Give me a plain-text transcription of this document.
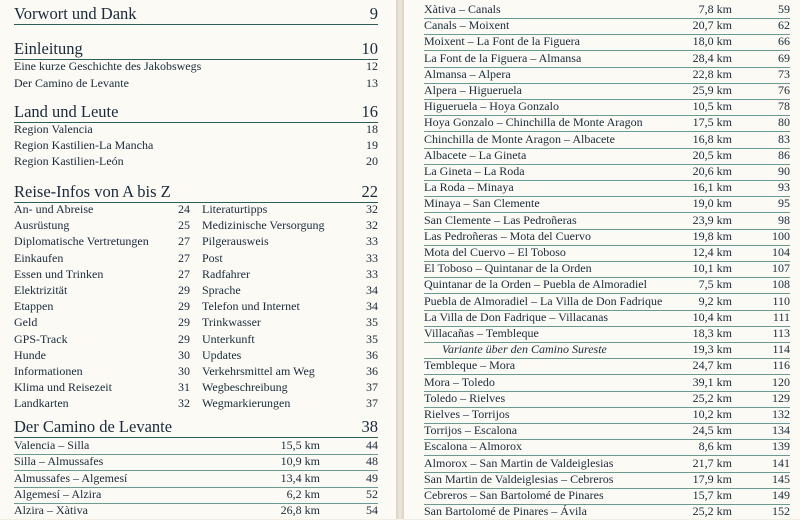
Vorwort und Dank	9
Einleitung	10
Land und Leute	16
Reise-Infos von A bis Z	22
Der Camino de Levante	38
Eine kurze Geschichte des Jakobswegs	12
Der Camino de Levante	13
Region Valencia	18
Region Kastilien-La Mancha	19
Region Kastilien-León	20
An- und Abreise	24
Ausrüstung	25
Diplomatische Vertretungen	27
Einkaufen	27
Essen und Trinken	27
Elektrizität	29
Etappen	29
Geld	29
GPS-Track	29
Hunde	30
Informationen	30
Klima und Reisezeit	31
Landkarten	32
Literaturtipps	32
Medizinische Versorgung	32
Pilgerausweis	33
Post	33
Radfahrer	33
Sprache	34
Telefon und Internet	34
Trinkwasser	35
Unterkunft	35
Updates	36
Verkehrsmittel am Weg	36
Wegbeschreibung	37
Wegmarkierungen	37
Valencia – Silla	15,5 km	44
Silla – Almussafes	10,9 km	48
Almussafes – Algemesí	13,4 km	49
Algemesí – Alzira	6,2 km	52
Alzira – Xàtiva	26,8 km	54
Xàtiva – Canals	7,8 km	59
Canals – Moixent	20,7 km	62
Moixent – La Font de la Figuera	18,0 km	66
La Font de la Figuera – Almansa	28,4 km	69
Almansa – Alpera	22,8 km	73
Alpera – Higueruela	25,9 km	76
Higueruela – Hoya Gonzalo	10,5 km	78
Hoya Gonzalo – Chinchilla de Monte Aragon	17,5 km	80
Chinchilla de Monte Aragon – Albacete	16,8 km	83
Albacete – La Gineta	20,5 km	86
La Gineta – La Roda	20,6 km	90
La Roda – Minaya	16,1 km	93
Minaya – San Clemente	19,0 km	95
San Clemente – Las Pedroñeras	23,9 km	98
Las Pedroñeras – Mota del Cuervo	19,8 km	100
Mota del Cuervo – El Toboso	12,4 km	104
El Toboso – Quintanar de la Orden	10,1 km	107
Quintanar de la Orden – Puebla de Almoradiel	7,5 km	108
Puebla de Almoradiel – La Villa de Don Fadrique	9,2 km	110
La Villa de Don Fadrique – Villacanas	10,4 km	111
Villacañas – Tembleque	18,3 km	113
Variante über den Camino Sureste	19,3 km	114
Tembleque – Mora	24,7 km	116
Mora – Toledo	39,1 km	120
Toledo – Rielves	25,2 km	129
Rielves – Torrijos	10,2 km	132
Torrijos – Escalona	24,5 km	134
Escalona – Almorox	8,6 km	139
Almorox – San Martin de Valdeiglesias	21,7 km	141
San Martin de Valdeiglesias – Cebreros	17,9 km	145
Cebreros – San Bartolomé de Pinares	15,7 km	149
San Bartolomé de Pinares – Ávila	25,2 km	152
